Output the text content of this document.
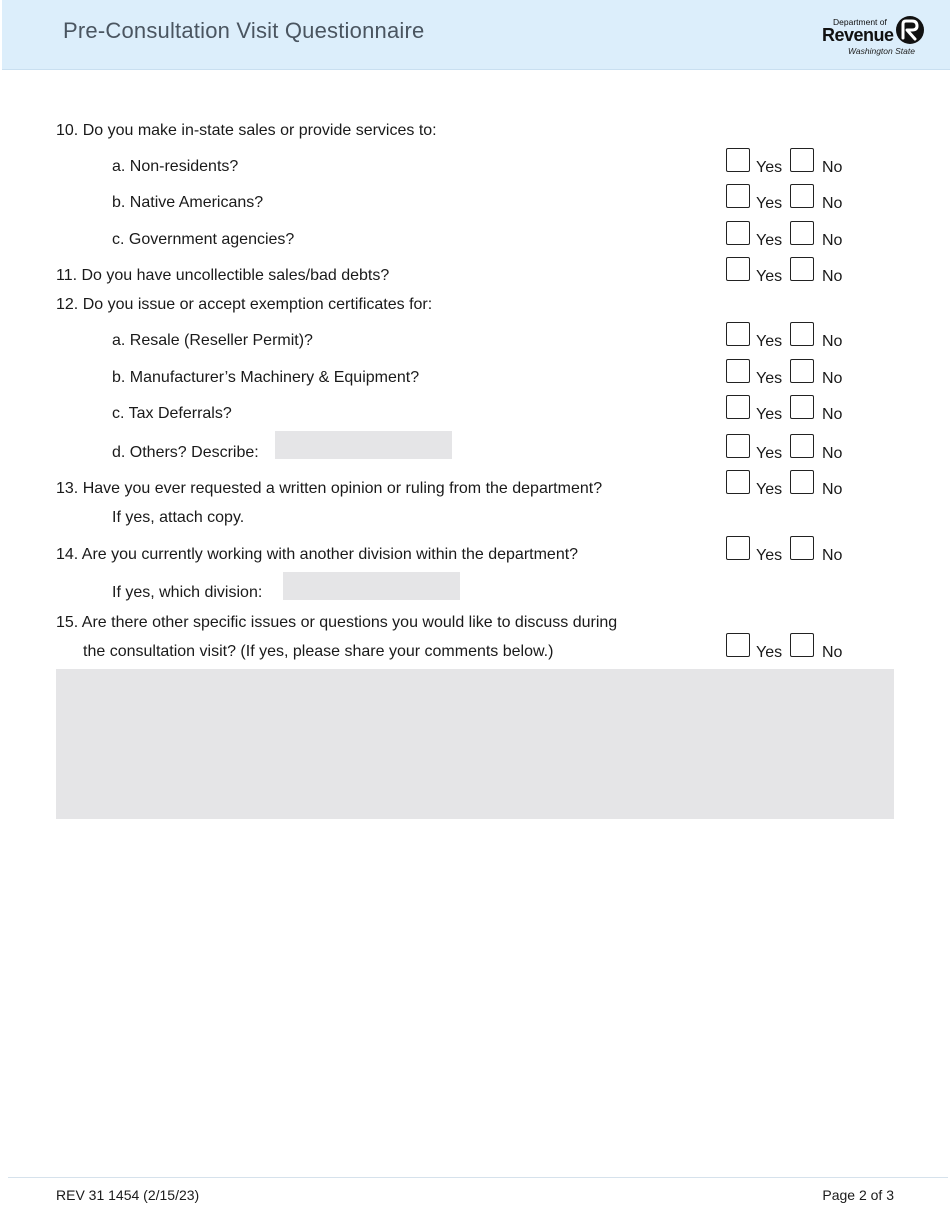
Pre-Consultation Visit Questionnaire	Department of
Revenue
Washington State
10. Do you make in-state sales or provide services to:
a. Non-residents?	Yes No
b. Native Americans?	Yes No
c. Government agencies?	Yes No
11. Do you have uncollectible sales/bad debts?	Yes No
12. Do you issue or accept exemption certificates for:
a. Resale (Reseller Permit)?	Yes No
b. Manufacturer’s Machinery & Equipment?	Yes No
c. Tax Deferrals?	Yes No
d. Others? Describe:	Yes No
13. Have you ever requested a written opinion or ruling from the department?	Yes No
If yes, attach copy.
14. Are you currently working with another division within the department?	Yes No
If yes, which division:
15. Are there other specific issues or questions you would like to discuss during
the consultation visit? (If yes, please share your comments below.)	Yes No
REV 31 1454 (2/15/23)	Page 2 of 3
